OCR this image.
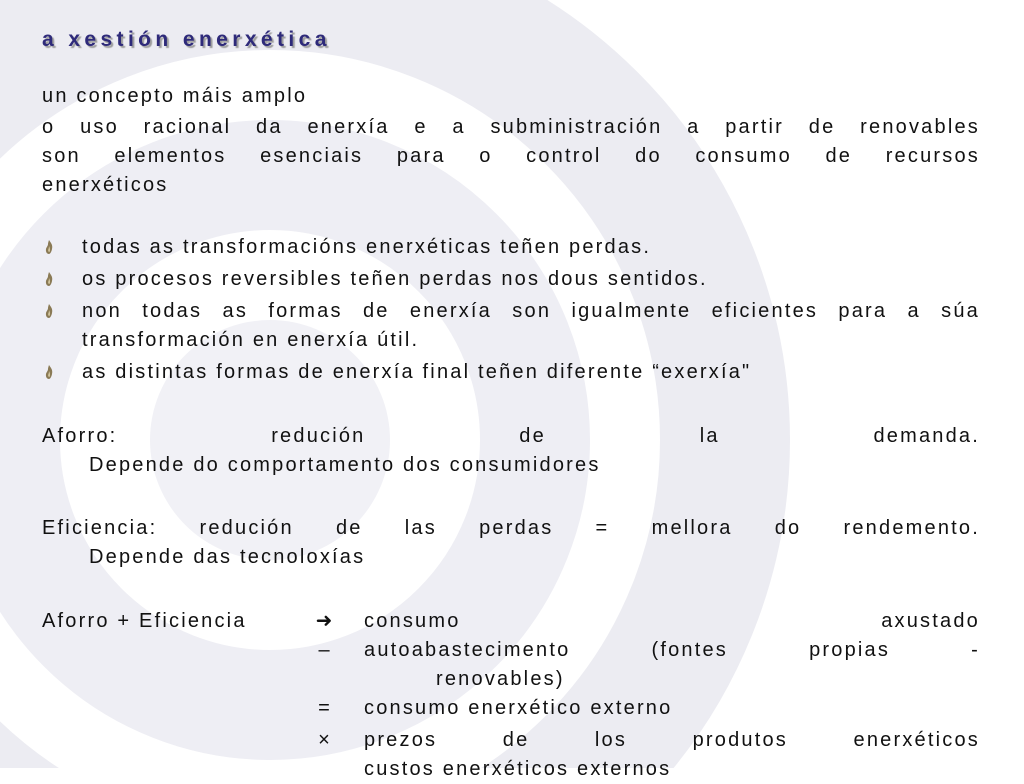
a xestión enerxética
un concepto máis amplo
o uso racional da enerxía e a subministración a partir de renovables
son elementos esenciais para o control do consumo de recursos
enerxéticos
todas as transformacións enerxéticas teñen perdas.
os procesos reversibles teñen perdas nos dous sentidos.
non todas as formas de enerxía son igualmente eficientes para a súa
transformación en enerxía útil.
as distintas formas de enerxía final teñen diferente “exerxía"
Aforro: redución de la demanda.
Depende do comportamento dos consumidores
Eficiencia: redución de las perdas = mellora do rendemento.
Depende das tecnoloxías
Aforro + Eficiencia	➜ consumo axustado
–	autoabastecimento (fontes propias -
renovables)
=	consumo enerxético externo
×	prezos de los produtos enerxéticos
custos enerxéticos externos
